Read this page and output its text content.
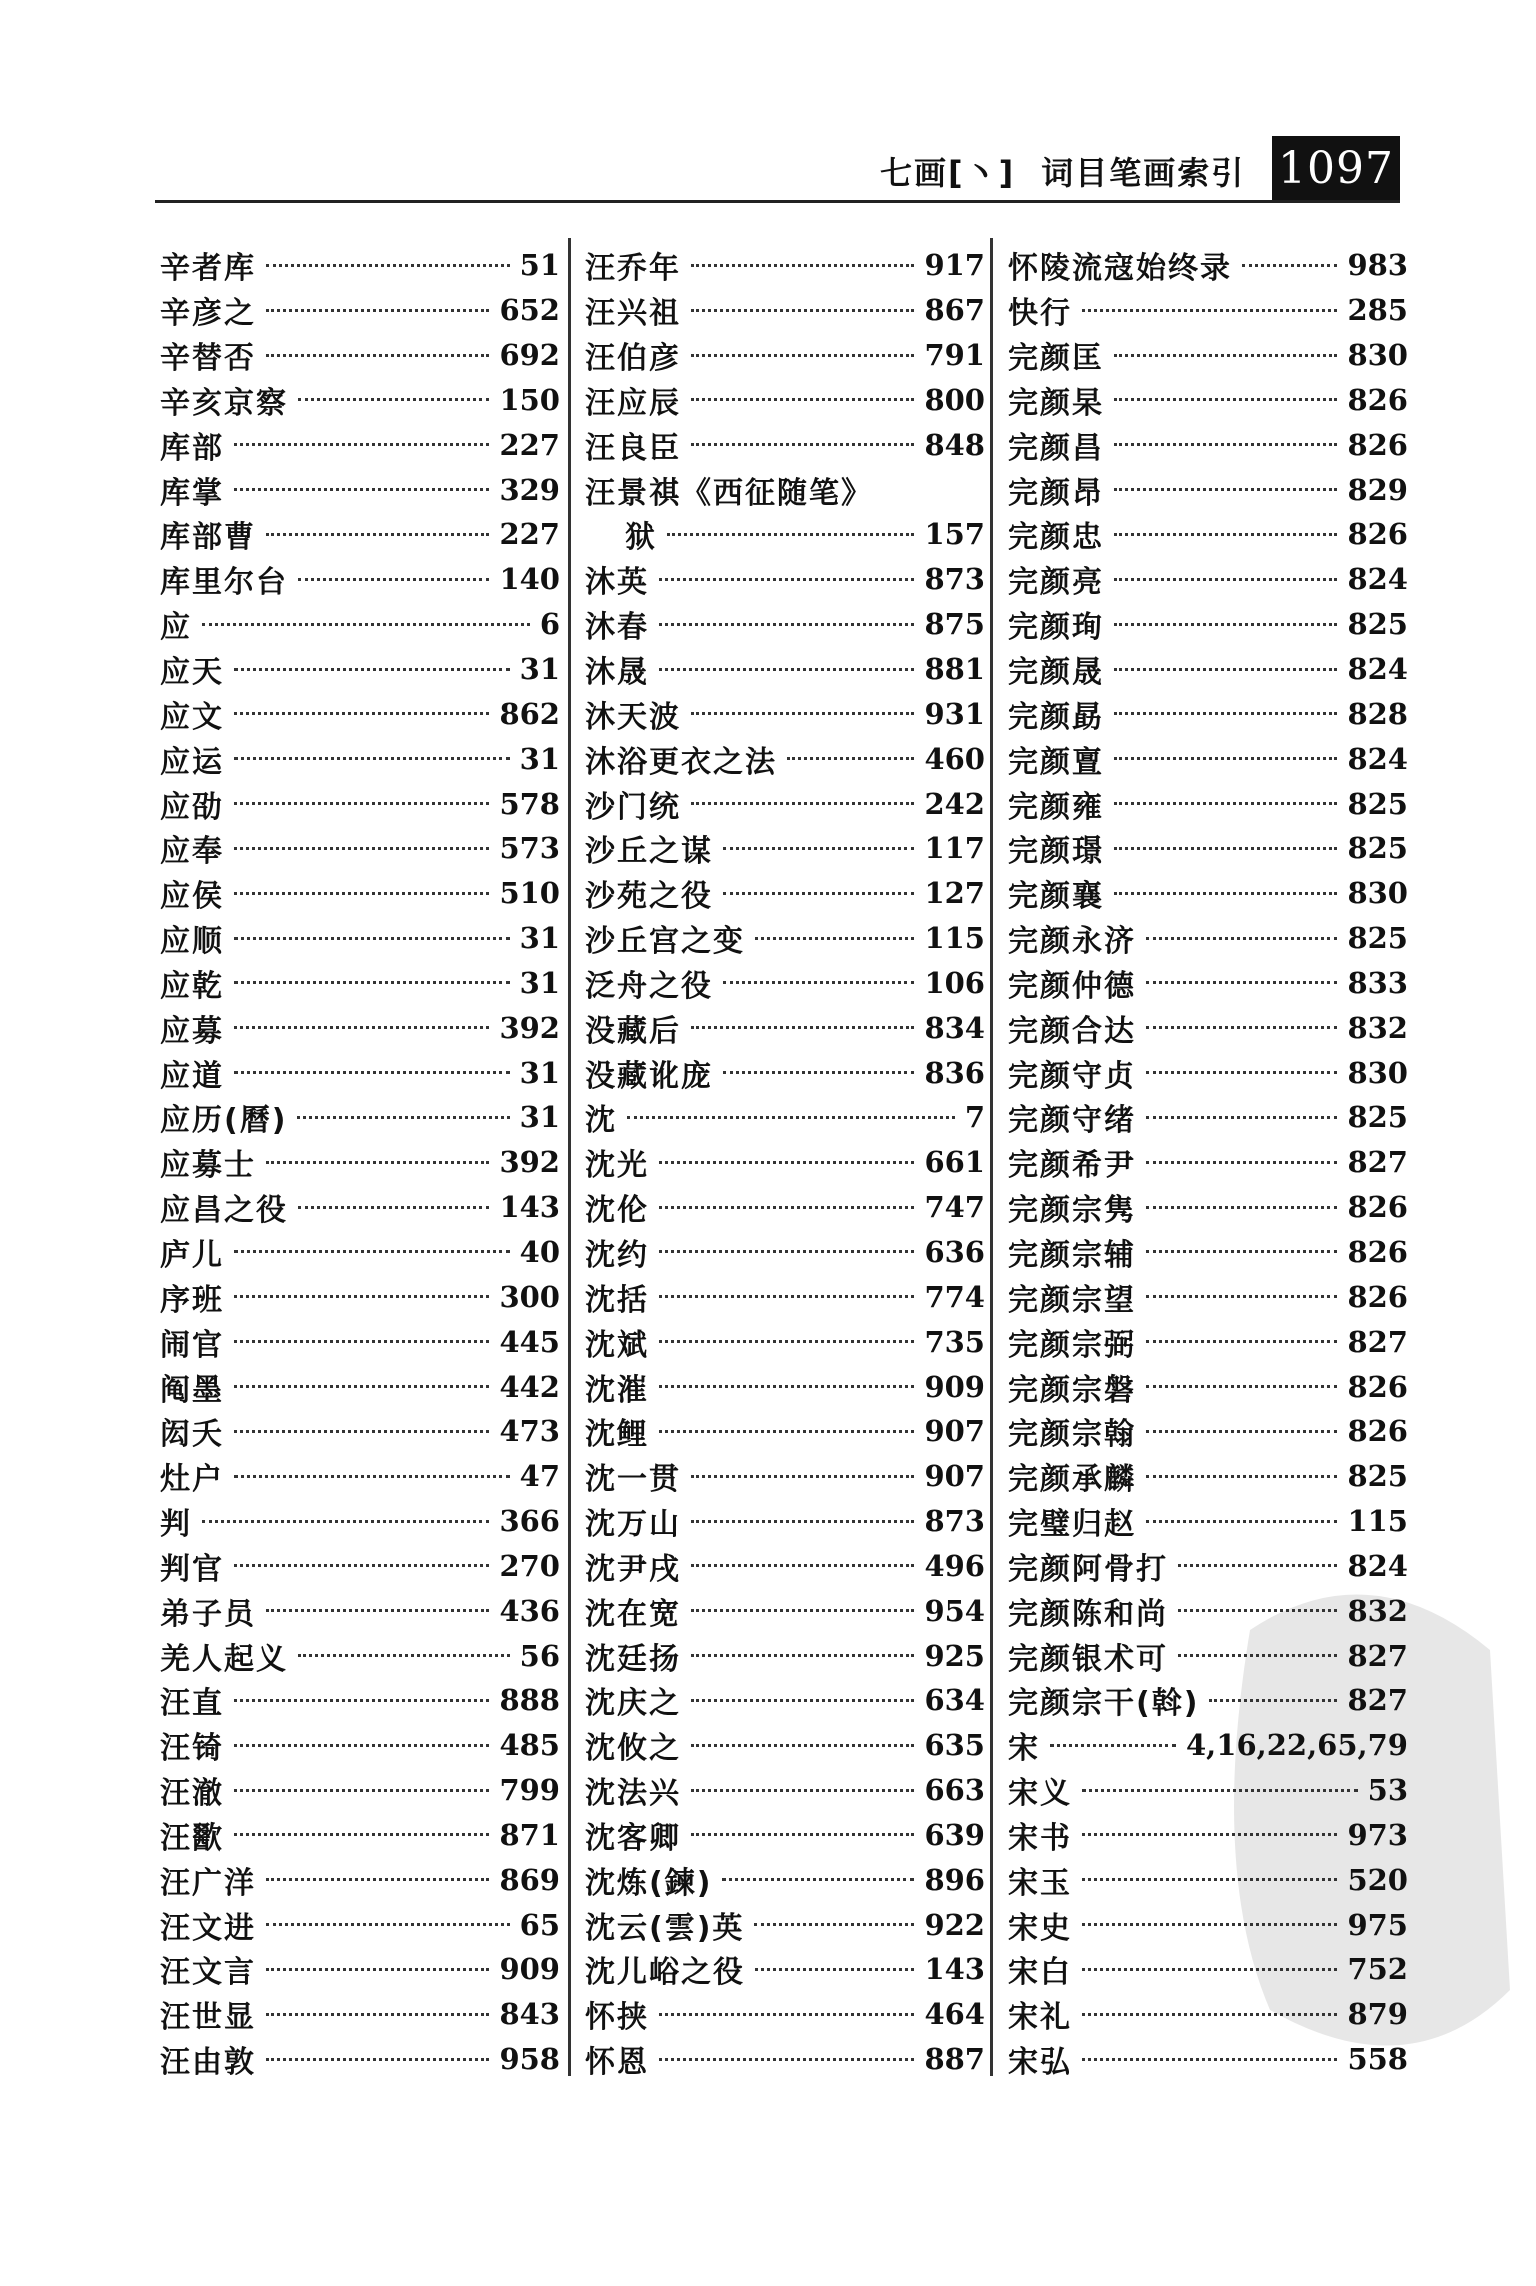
七画[丶] 词目笔画索引 1097
辛者库	51
辛彦之	652
辛替否	692
辛亥京察	150
库部	227
库掌	329
库部曹	227
库里尔台	140
应	6
应天	31
应文	862
应运	31
应劭	578
应奉	573
应侯	510
应顺	31
应乾	31
应募	392
应道	31
应历(曆)	31
应募士	392
应昌之役	143
庐儿	40
序班	300
闹官	445
阄墨	442
闳夭	473
灶户	47
判	366
判官	270
弟子员	436
羌人起义	56
汪直	888
汪锜	485
汪澈	799
汪歠	871
汪广洋	869
汪文进	65
汪文言	909
汪世显	843
汪由敦	958
汪乔年	917
汪兴祖	867
汪伯彦	791
汪应辰	800
汪良臣	848
汪景祺《西征随笔》
狱	157
沐英	873
沐春	875
沐晟	881
沐天波	931
沐浴更衣之法	460
沙门统	242
沙丘之谋	117
沙苑之役	127
沙丘宫之变	115
泛舟之役	106
没藏后	834
没藏讹庞	836
沈	7
沈光	661
沈伦	747
沈约	636
沈括	774
沈斌	735
沈漼	909
沈鲤	907
沈一贯	907
沈万山	873
沈尹戌	496
沈在宽	954
沈廷扬	925
沈庆之	634
沈攸之	635
沈法兴	663
沈客卿	639
沈炼(鍊)	896
沈云(雲)英	922
沈儿峪之役	143
怀挟	464
怀恩	887
怀陵流寇始终录	983
快行	285
完颜匡	830
完颜杲	826
完颜昌	826
完颜昂	829
完颜忠	826
完颜亮	824
完颜珣	825
完颜晟	824
完颜勗	828
完颜亶	824
完颜雍	825
完颜璟	825
完颜襄	830
完颜永济	825
完颜仲德	833
完颜合达	832
完颜守贞	830
完颜守绪	825
完颜希尹	827
完颜宗隽	826
完颜宗辅	826
完颜宗望	826
完颜宗弼	827
完颜宗磐	826
完颜宗翰	826
完颜承麟	825
完璧归赵	115
完颜阿骨打	824
完颜陈和尚	832
完颜银术可	827
完颜宗干(斡)	827
宋	4,16,22,65,79
宋义	53
宋书	973
宋玉	520
宋史	975
宋白	752
宋礼	879
宋弘	558
